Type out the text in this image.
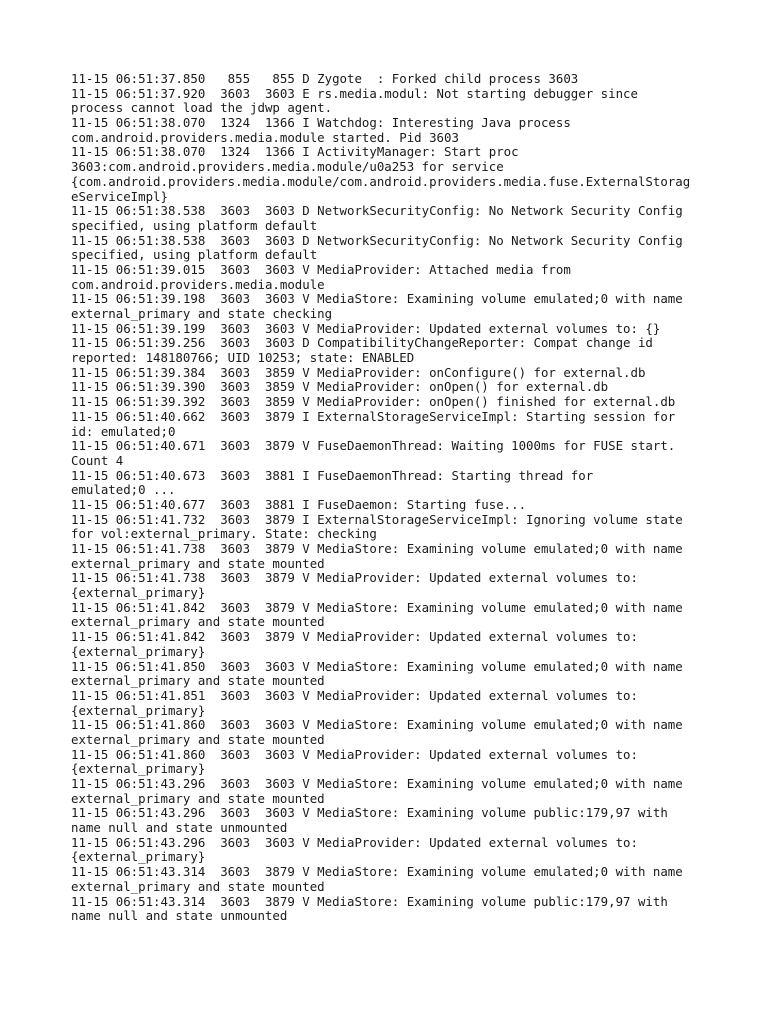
11-15 06:51:37.850   855   855 D Zygote  : Forked child process 3603
11-15 06:51:37.920  3603  3603 E rs.media.modul: Not starting debugger since
process cannot load the jdwp agent.
11-15 06:51:38.070  1324  1366 I Watchdog: Interesting Java process
com.android.providers.media.module started. Pid 3603
11-15 06:51:38.070  1324  1366 I ActivityManager: Start proc
3603:com.android.providers.media.module/u0a253 for service
{com.android.providers.media.module/com.android.providers.media.fuse.ExternalStorag
eServiceImpl}
11-15 06:51:38.538  3603  3603 D NetworkSecurityConfig: No Network Security Config
specified, using platform default
11-15 06:51:38.538  3603  3603 D NetworkSecurityConfig: No Network Security Config
specified, using platform default
11-15 06:51:39.015  3603  3603 V MediaProvider: Attached media from
com.android.providers.media.module
11-15 06:51:39.198  3603  3603 V MediaStore: Examining volume emulated;0 with name
external_primary and state checking
11-15 06:51:39.199  3603  3603 V MediaProvider: Updated external volumes to: {}
11-15 06:51:39.256  3603  3603 D CompatibilityChangeReporter: Compat change id
reported: 148180766; UID 10253; state: ENABLED
11-15 06:51:39.384  3603  3859 V MediaProvider: onConfigure() for external.db
11-15 06:51:39.390  3603  3859 V MediaProvider: onOpen() for external.db
11-15 06:51:39.392  3603  3859 V MediaProvider: onOpen() finished for external.db
11-15 06:51:40.662  3603  3879 I ExternalStorageServiceImpl: Starting session for
id: emulated;0
11-15 06:51:40.671  3603  3879 V FuseDaemonThread: Waiting 1000ms for FUSE start.
Count 4
11-15 06:51:40.673  3603  3881 I FuseDaemonThread: Starting thread for
emulated;0 ...
11-15 06:51:40.677  3603  3881 I FuseDaemon: Starting fuse...
11-15 06:51:41.732  3603  3879 I ExternalStorageServiceImpl: Ignoring volume state
for vol:external_primary. State: checking
11-15 06:51:41.738  3603  3879 V MediaStore: Examining volume emulated;0 with name
external_primary and state mounted
11-15 06:51:41.738  3603  3879 V MediaProvider: Updated external volumes to:
{external_primary}
11-15 06:51:41.842  3603  3879 V MediaStore: Examining volume emulated;0 with name
external_primary and state mounted
11-15 06:51:41.842  3603  3879 V MediaProvider: Updated external volumes to:
{external_primary}
11-15 06:51:41.850  3603  3603 V MediaStore: Examining volume emulated;0 with name
external_primary and state mounted
11-15 06:51:41.851  3603  3603 V MediaProvider: Updated external volumes to:
{external_primary}
11-15 06:51:41.860  3603  3603 V MediaStore: Examining volume emulated;0 with name
external_primary and state mounted
11-15 06:51:41.860  3603  3603 V MediaProvider: Updated external volumes to:
{external_primary}
11-15 06:51:43.296  3603  3603 V MediaStore: Examining volume emulated;0 with name
external_primary and state mounted
11-15 06:51:43.296  3603  3603 V MediaStore: Examining volume public:179,97 with
name null and state unmounted
11-15 06:51:43.296  3603  3603 V MediaProvider: Updated external volumes to:
{external_primary}
11-15 06:51:43.314  3603  3879 V MediaStore: Examining volume emulated;0 with name
external_primary and state mounted
11-15 06:51:43.314  3603  3879 V MediaStore: Examining volume public:179,97 with
name null and state unmounted
